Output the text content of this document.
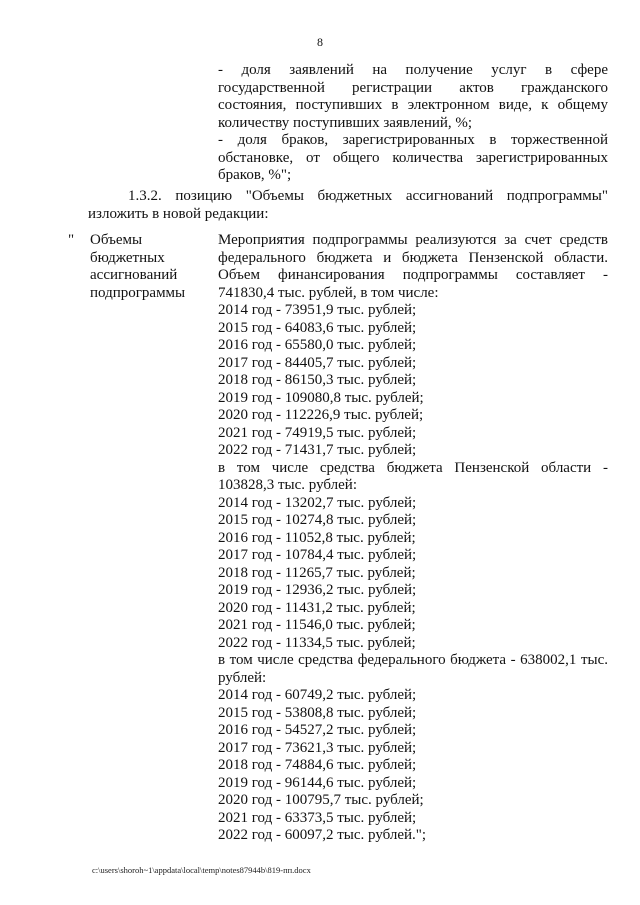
8
- доля заявлений на получение услуг в сфере
государственной регистрации актов гражданского
состояния, поступивших в электронном виде, к общему
количеству поступивших заявлений, %;
- доля браков, зарегистрированных в торжественной
обстановке, от общего количества зарегистрированных
браков, %";
1.3.2. позицию "Объемы бюджетных ассигнований подпрограммы"
изложить в новой редакции:
" Объемы
бюджетных
ассигнований
подпрограммы
Мероприятия подпрограммы реализуются за счет средств
федерального бюджета и бюджета Пензенской области.
Объем финансирования подпрограммы составляет -
741830,4 тыс. рублей, в том числе:
2014 год - 73951,9 тыс. рублей;
2015 год - 64083,6 тыс. рублей;
2016 год - 65580,0 тыс. рублей;
2017 год - 84405,7 тыс. рублей;
2018 год - 86150,3 тыс. рублей;
2019 год - 109080,8 тыс. рублей;
2020 год - 112226,9 тыс. рублей;
2021 год - 74919,5 тыс. рублей;
2022 год - 71431,7 тыс. рублей;
в том числе средства бюджета Пензенской области -
103828,3 тыс. рублей:
2014 год - 13202,7 тыс. рублей;
2015 год - 10274,8 тыс. рублей;
2016 год - 11052,8 тыс. рублей;
2017 год - 10784,4 тыс. рублей;
2018 год - 11265,7 тыс. рублей;
2019 год - 12936,2 тыс. рублей;
2020 год - 11431,2 тыс. рублей;
2021 год - 11546,0 тыс. рублей;
2022 год - 11334,5 тыс. рублей;
в том числе средства федерального бюджета - 638002,1 тыс.
рублей:
2014 год - 60749,2 тыс. рублей;
2015 год - 53808,8 тыс. рублей;
2016 год - 54527,2 тыс. рублей;
2017 год - 73621,3 тыс. рублей;
2018 год - 74884,6 тыс. рублей;
2019 год - 96144,6 тыс. рублей;
2020 год - 100795,7 тыс. рублей;
2021 год - 63373,5 тыс. рублей;
2022 год - 60097,2 тыс. рублей.";
c:\users\shoroh~1\appdata\local\temp\notes87944b\819-пп.docx
